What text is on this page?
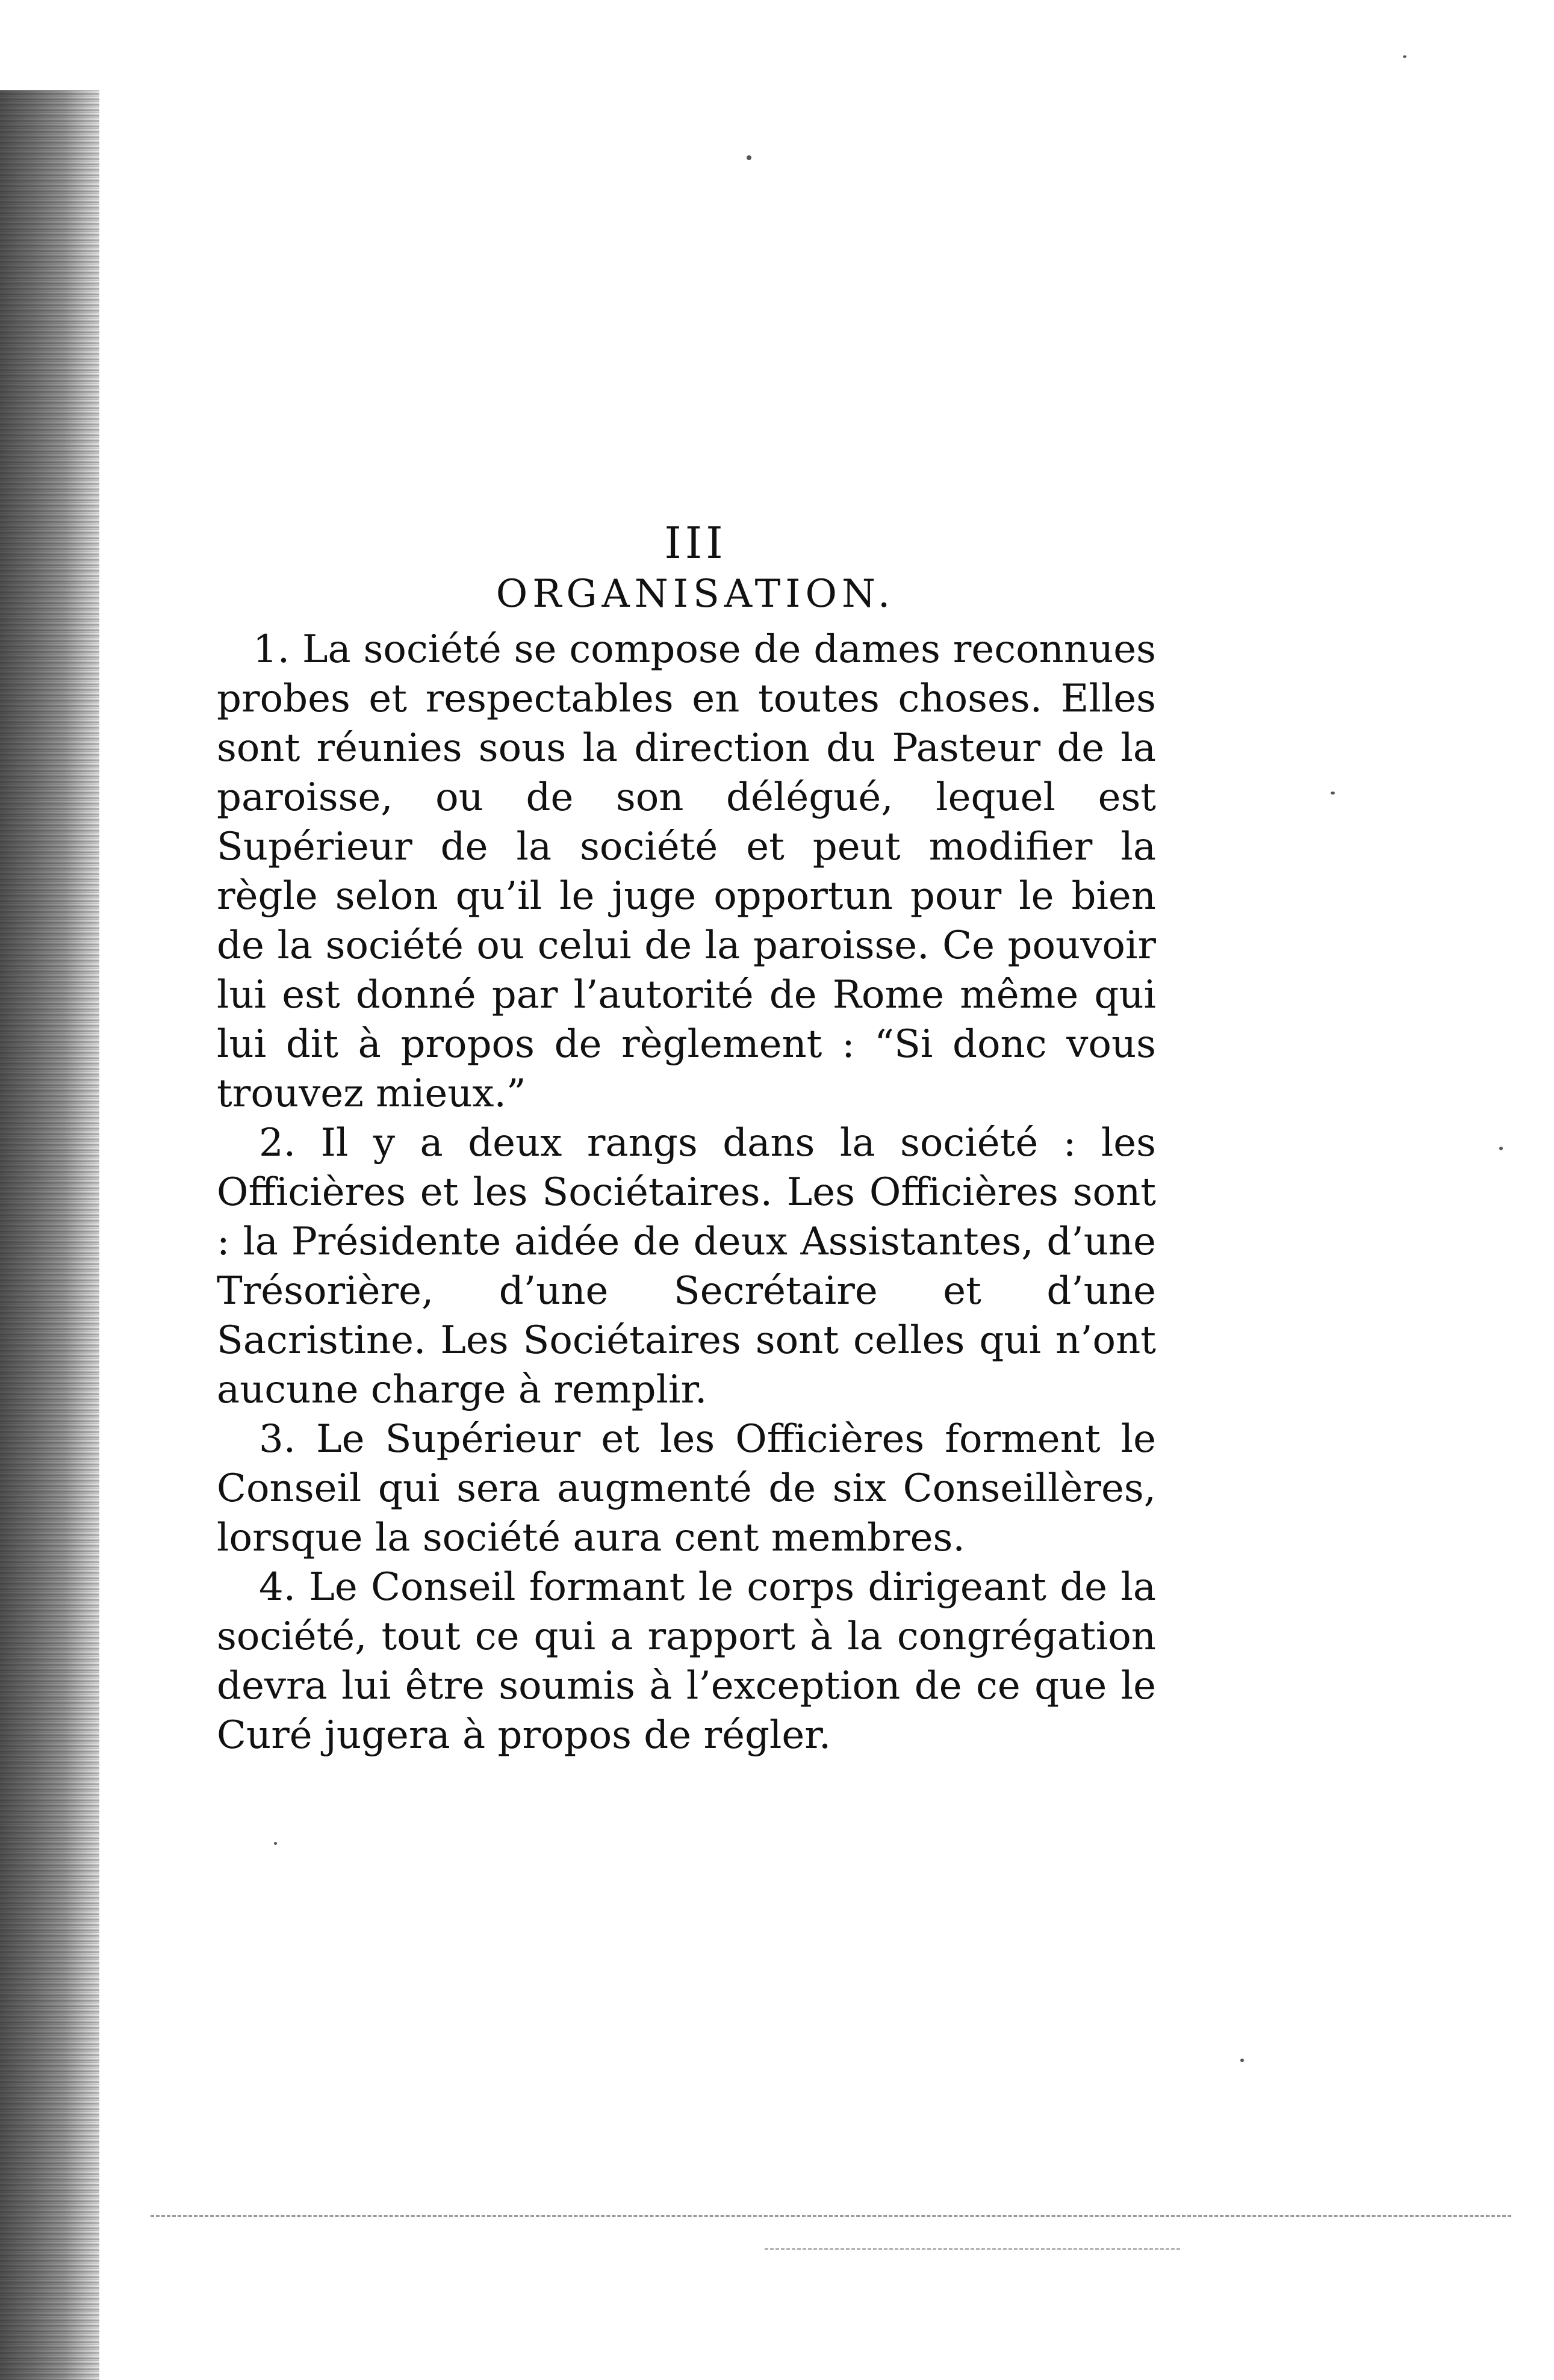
III
ORGANISATION.

1. La société se compose de dames reconnues probes et respectables en toutes choses. Elles sont réunies sous la direction du Pasteur de la paroisse, ou de son délégué, lequel est Supérieur de la société et peut modifier la règle selon qu’il le juge opportun pour le bien de la société ou celui de la paroisse. Ce pouvoir lui est donné par l’autorité de Rome même qui lui dit à propos de règlement : “Si donc vous trouvez mieux.”

2. Il y a deux rangs dans la société : les Officières et les Sociétaires. Les Officières sont : la Présidente aidée de deux Assistantes, d’une Trésorière, d’une Secrétaire et d’une Sacristine. Les Sociétaires sont celles qui n’ont aucune charge à remplir.

3. Le Supérieur et les Officières forment le Conseil qui sera augmenté de six Conseillères, lorsque la société aura cent membres.

4. Le Conseil formant le corps dirigeant de la société, tout ce qui a rapport à la congrégation devra lui être soumis à l’exception de ce que le Curé jugera à propos de régler.
